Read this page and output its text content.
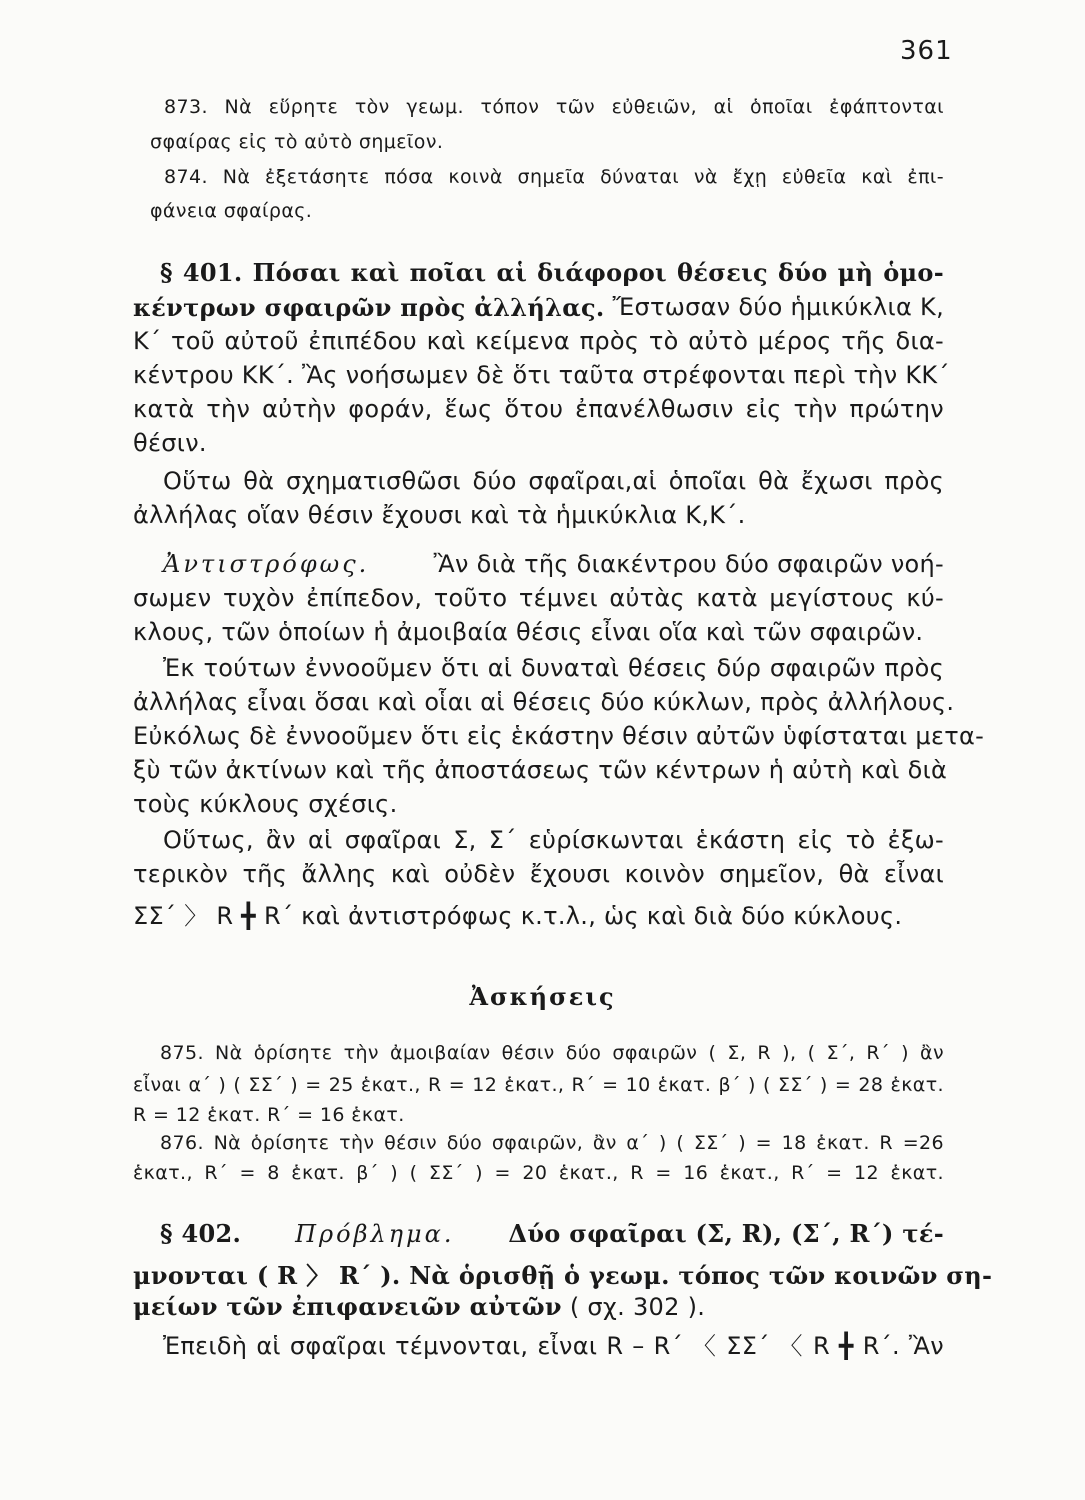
361
873. Νὰ εὕρητε τὸν γεωμ. τόπον τῶν εὐθειῶν, αἱ ὁποῖαι ἐφάπτονται
σφαίρας εἰς τὸ αὐτὸ σημεῖον.
874. Νὰ ἐξετάσητε πόσα κοινὰ σημεῖα δύναται νὰ ἔχῃ εὐθεῖα καὶ ἐπι-
φάνεια σφαίρας.
§ 401. Πόσαι καὶ ποῖαι αἱ διάφοροι θέσεις δύο μὴ ὁμο-
κέντρων σφαιρῶν πρὸς ἀλλήλας. Ἔστωσαν δύο ἡμικύκλια Κ,
Κ΄ τοῦ αὐτοῦ ἐπιπέδου καὶ κείμενα πρὸς τὸ αὐτὸ μέρος τῆς δια-
κέντρου ΚΚ΄. Ἂς νοήσωμεν δὲ ὅτι ταῦτα στρέφονται περὶ τὴν ΚΚ΄
κατὰ τὴν αὐτὴν φοράν, ἕως ὅτου ἐπανέλθωσιν εἰς τὴν πρώτην
θέσιν.
Οὕτω θὰ σχηματισθῶσι δύο σφαῖραι,αἱ ὁποῖαι θὰ ἔχωσι πρὸς
ἀλλήλας οἵαν θέσιν ἔχουσι καὶ τὰ ἡμικύκλια Κ,Κ΄.
Ἀντιστρόφως.	Ἂν διὰ τῆς διακέντρου δύο σφαιρῶν νοή-
σωμεν τυχὸν ἐπίπεδον, τοῦτο τέμνει αὐτὰς κατὰ μεγίστους κύ-
κλους, τῶν ὁποίων ἡ ἀμοιβαία θέσις εἶναι οἵα καὶ τῶν σφαιρῶν.
Ἐκ τούτων ἐννοοῦμεν ὅτι αἱ δυναταὶ θέσεις δύρ σφαιρῶν πρὸς
ἀλλήλας εἶναι ὅσαι καὶ οἷαι αἱ θέσεις δύο κύκλων, πρὸς ἀλλήλους.
Εὐκόλως δὲ ἐννοοῦμεν ὅτι εἰς ἑκάστην θέσιν αὐτῶν ὑφίσταται μετα-
ξὺ τῶν ἀκτίνων καὶ τῆς ἀποστάσεως τῶν κέντρων ἡ αὐτὴ καὶ διὰ
τοὺς κύκλους σχέσις.
Οὕτως, ἂν αἱ σφαῖραι Σ, Σ΄ εὑρίσκωνται ἑκάστη εἰς τὸ ἐξω-
τερικὸν τῆς ἄλλης καὶ οὐδὲν ἔχουσι κοινὸν σημεῖον, θὰ εἶναι
ΣΣ΄ 〉 R ╋ R΄ καὶ ἀντιστρόφως κ.τ.λ., ὡς καὶ διὰ δύο κύκλους.
Ἀσκήσεις
875. Νὰ ὁρίσητε τὴν ἀμοιβαίαν θέσιν δύο σφαιρῶν ( Σ, R ), ( Σ΄, R΄ ) ἂν
εἶναι α΄ ) ( ΣΣ΄ ) = 25 ἑκατ., R = 12 ἑκατ., R΄ = 10 ἑκατ. β΄ ) ( ΣΣ΄ ) = 28 ἑκατ.
R = 12 ἑκατ. R΄ = 16 ἑκατ.
876. Νὰ ὁρίσητε τὴν θέσιν δύο σφαιρῶν, ἂν α΄ ) ( ΣΣ΄ ) = 18 ἑκατ. R =26
ἑκατ., R΄ = 8 ἑκατ. β΄ ) ( ΣΣ΄ ) = 20 ἑκατ., R = 16 ἑκατ., R΄ = 12 ἑκατ.
§ 402. Πρόβλημα. Δύο σφαῖραι (Σ, R), (Σ΄, R΄) τέ-
μνονται ( R 〉 R΄ ). Νὰ ὁρισθῇ ὁ γεωμ. τόπος τῶν κοινῶν ση-
μείων τῶν ἐπιφανειῶν αὐτῶν ( σχ. 302 ).
Ἐπειδὴ αἱ σφαῖραι τέμνονται, εἶναι R – R΄ 〈 ΣΣ΄ 〈 R ╋ R΄. Ἂν
